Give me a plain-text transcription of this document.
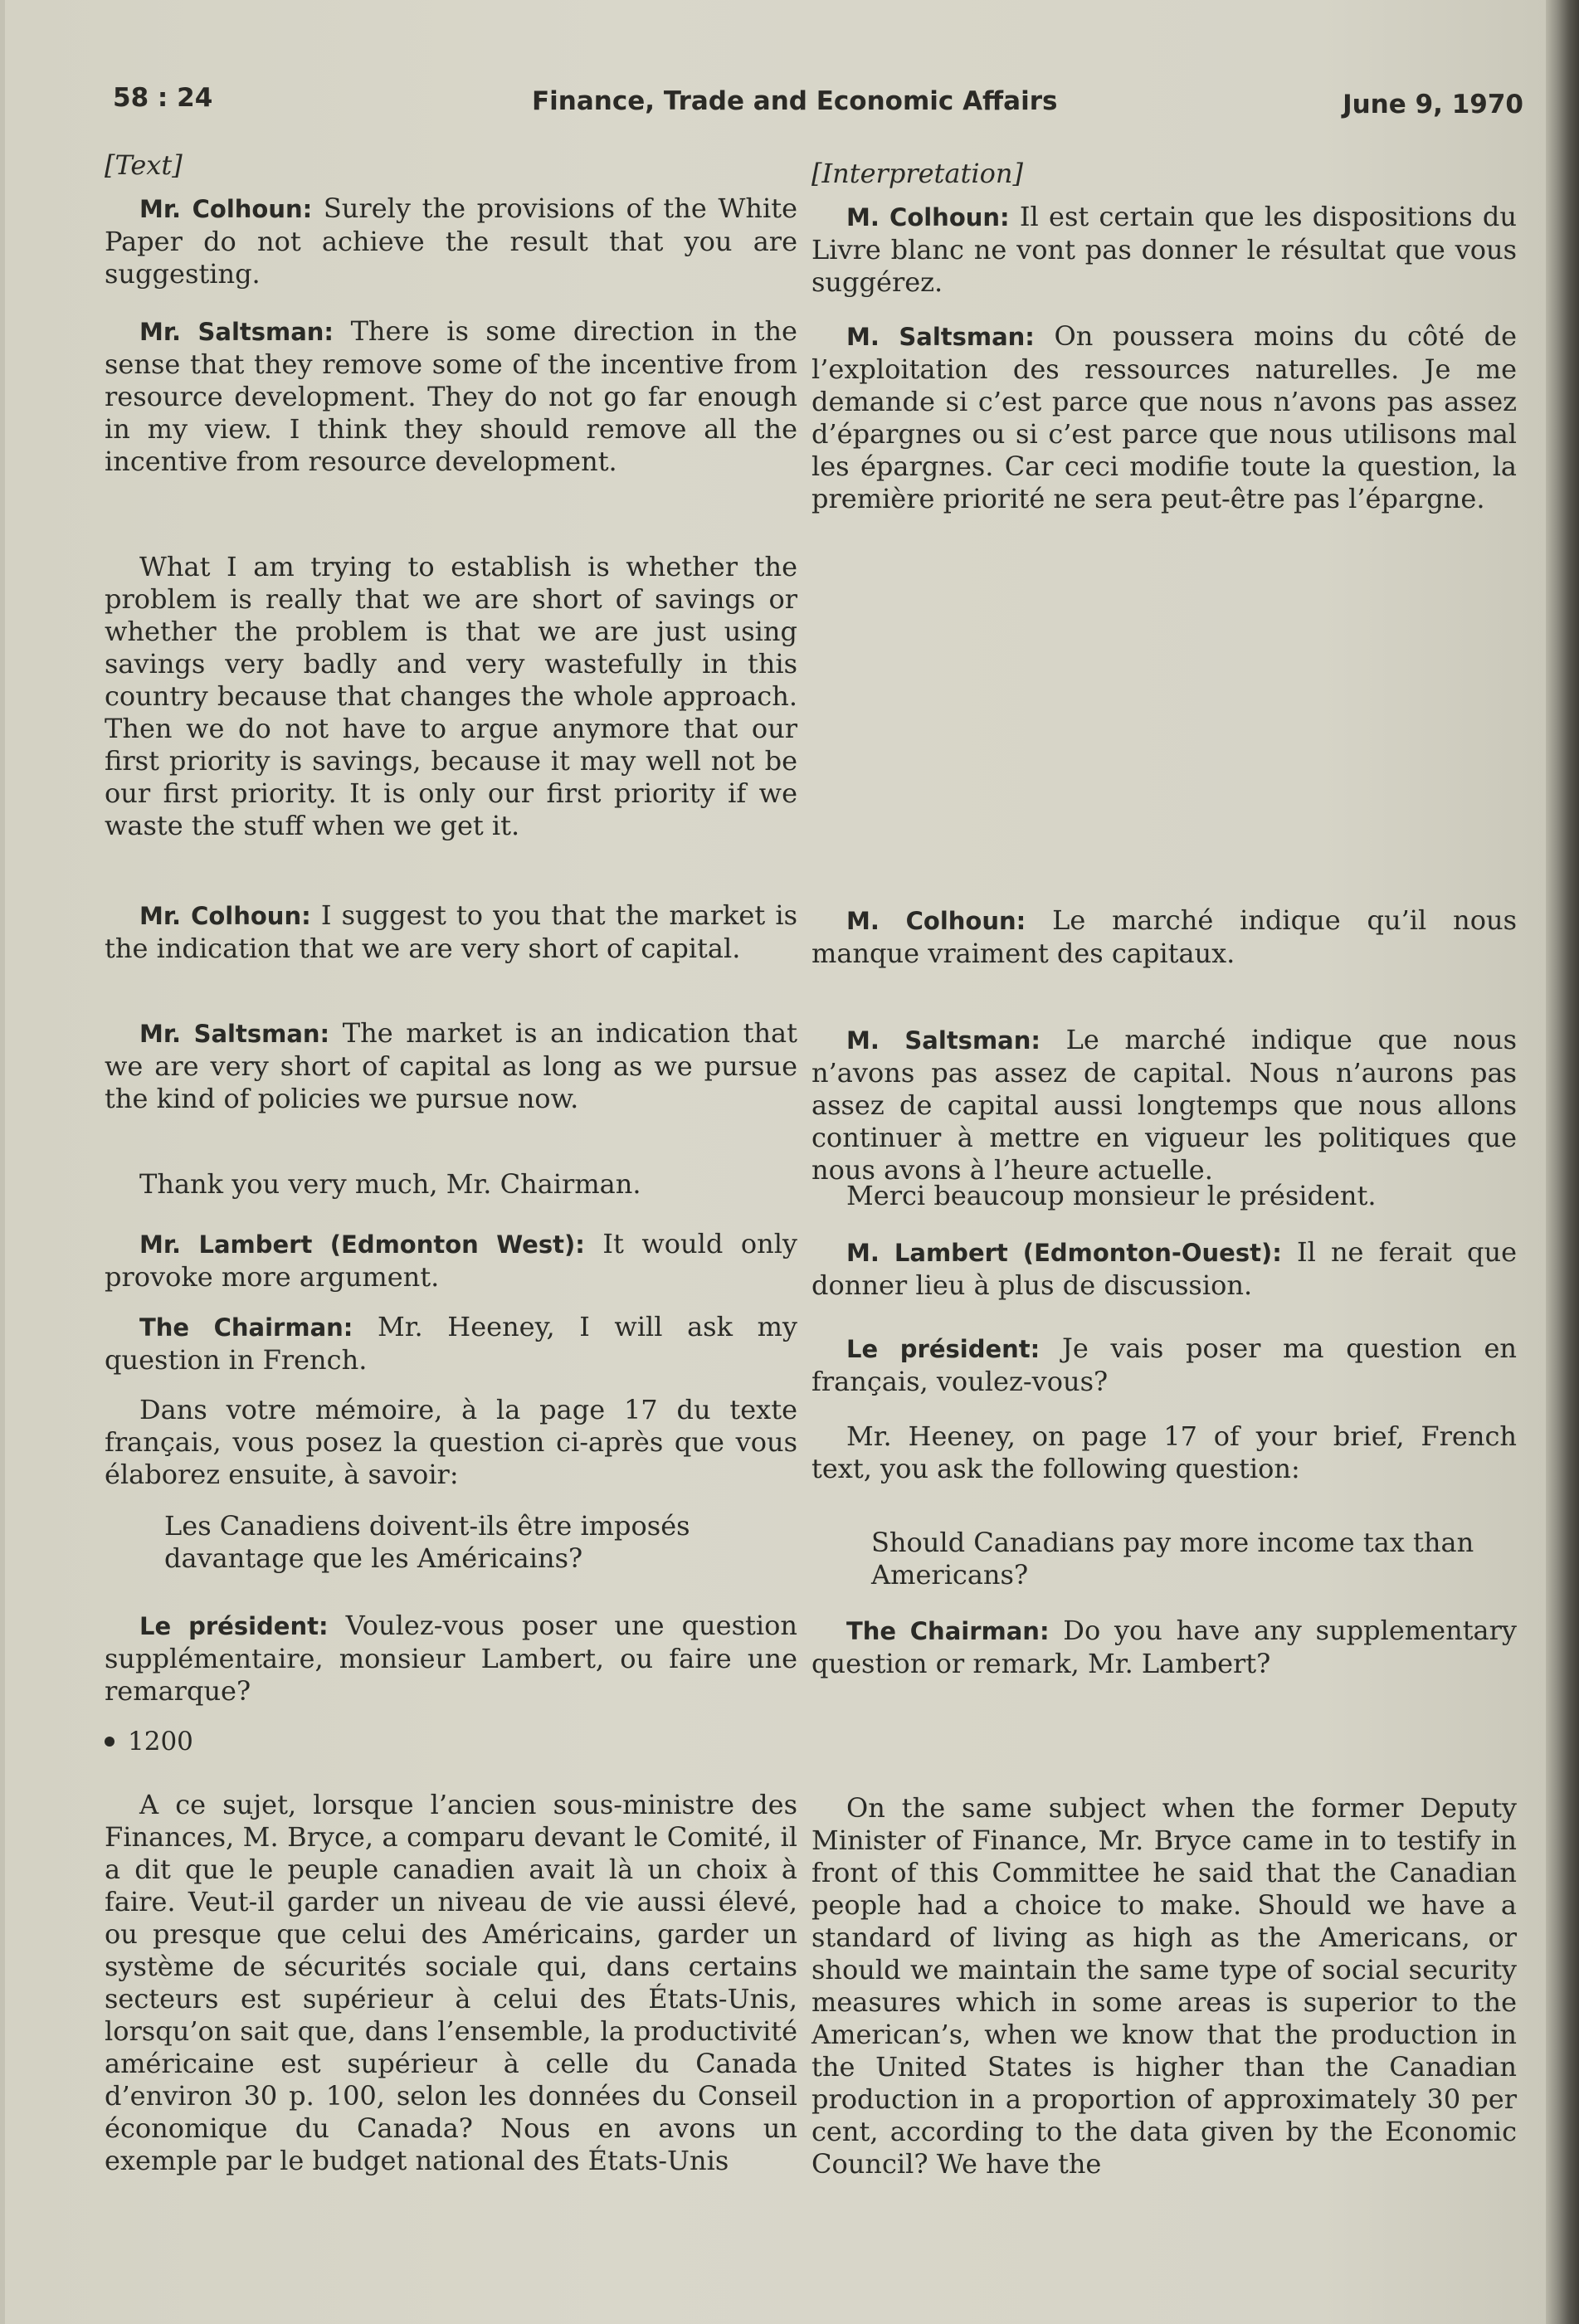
58 : 24	Finance, Trade and Economic Affairs	June 9, 1970
[Text]
Mr. Colhoun: Surely the provisions of the White Paper do not achieve the result that you are suggesting.
Mr. Saltsman: There is some direction in the sense that they remove some of the incentive from resource development. They do not go far enough in my view. I think they should remove all the incentive from resource development.
What I am trying to establish is whether the problem is really that we are short of savings or whether the problem is that we are just using savings very badly and very wastefully in this country because that changes the whole approach. Then we do not have to argue anymore that our first priority is savings, because it may well not be our first priority. It is only our first priority if we waste the stuff when we get it.
Mr. Colhoun: I suggest to you that the market is the indication that we are very short of capital.
Mr. Saltsman: The market is an indication that we are very short of capital as long as we pursue the kind of policies we pursue now.
Thank you very much, Mr. Chairman.
Mr. Lambert (Edmonton West): It would only provoke more argument.
The Chairman: Mr. Heeney, I will ask my question in French.
Dans votre mémoire, à la page 17 du texte français, vous posez la question ci-après que vous élaborez ensuite, à savoir:
Les Canadiens doivent-ils être imposés davantage que les Américains?
Le président: Voulez-vous poser une question supplémentaire, monsieur Lambert, ou faire une remarque?
1200
A ce sujet, lorsque l’ancien sous-ministre des Finances, M. Bryce, a comparu devant le Comité, il a dit que le peuple canadien avait là un choix à faire. Veut-il garder un niveau de vie aussi élevé, ou presque que celui des Américains, garder un système de sécurités sociale qui, dans certains secteurs est supérieur à celui des États-Unis, lorsqu’on sait que, dans l’ensemble, la productivité américaine est supérieur à celle du Canada d’environ 30 p. 100, selon les données du Conseil économique du Canada? Nous en avons un exemple par le budget national des États-Unis
[Interpretation]
M. Colhoun: Il est certain que les dispositions du Livre blanc ne vont pas donner le résultat que vous suggérez.
M. Saltsman: On poussera moins du côté de l’exploitation des ressources naturelles. Je me demande si c’est parce que nous n’avons pas assez d’épargnes ou si c’est parce que nous utilisons mal les épargnes. Car ceci modifie toute la question, la première priorité ne sera peut-être pas l’épargne.
M. Colhoun: Le marché indique qu’il nous manque vraiment des capitaux.
M. Saltsman: Le marché indique que nous n’avons pas assez de capital. Nous n’aurons pas assez de capital aussi longtemps que nous allons continuer à mettre en vigueur les politiques que nous avons à l’heure actuelle.
Merci beaucoup monsieur le président.
M. Lambert (Edmonton-Ouest): Il ne ferait que donner lieu à plus de discussion.
Le président: Je vais poser ma question en français, voulez-vous?
Mr. Heeney, on page 17 of your brief, French text, you ask the following question:
Should Canadians pay more income tax than Americans?
The Chairman: Do you have any supplementary question or remark, Mr. Lambert?
On the same subject when the former Deputy Minister of Finance, Mr. Bryce came in to testify in front of this Committee he said that the Canadian people had a choice to make. Should we have a standard of living as high as the Americans, or should we maintain the same type of social security measures which in some areas is superior to the American’s, when we know that the production in the United States is higher than the Canadian production in a proportion of approximately 30 per cent, according to the data given by the Economic Council? We have the
